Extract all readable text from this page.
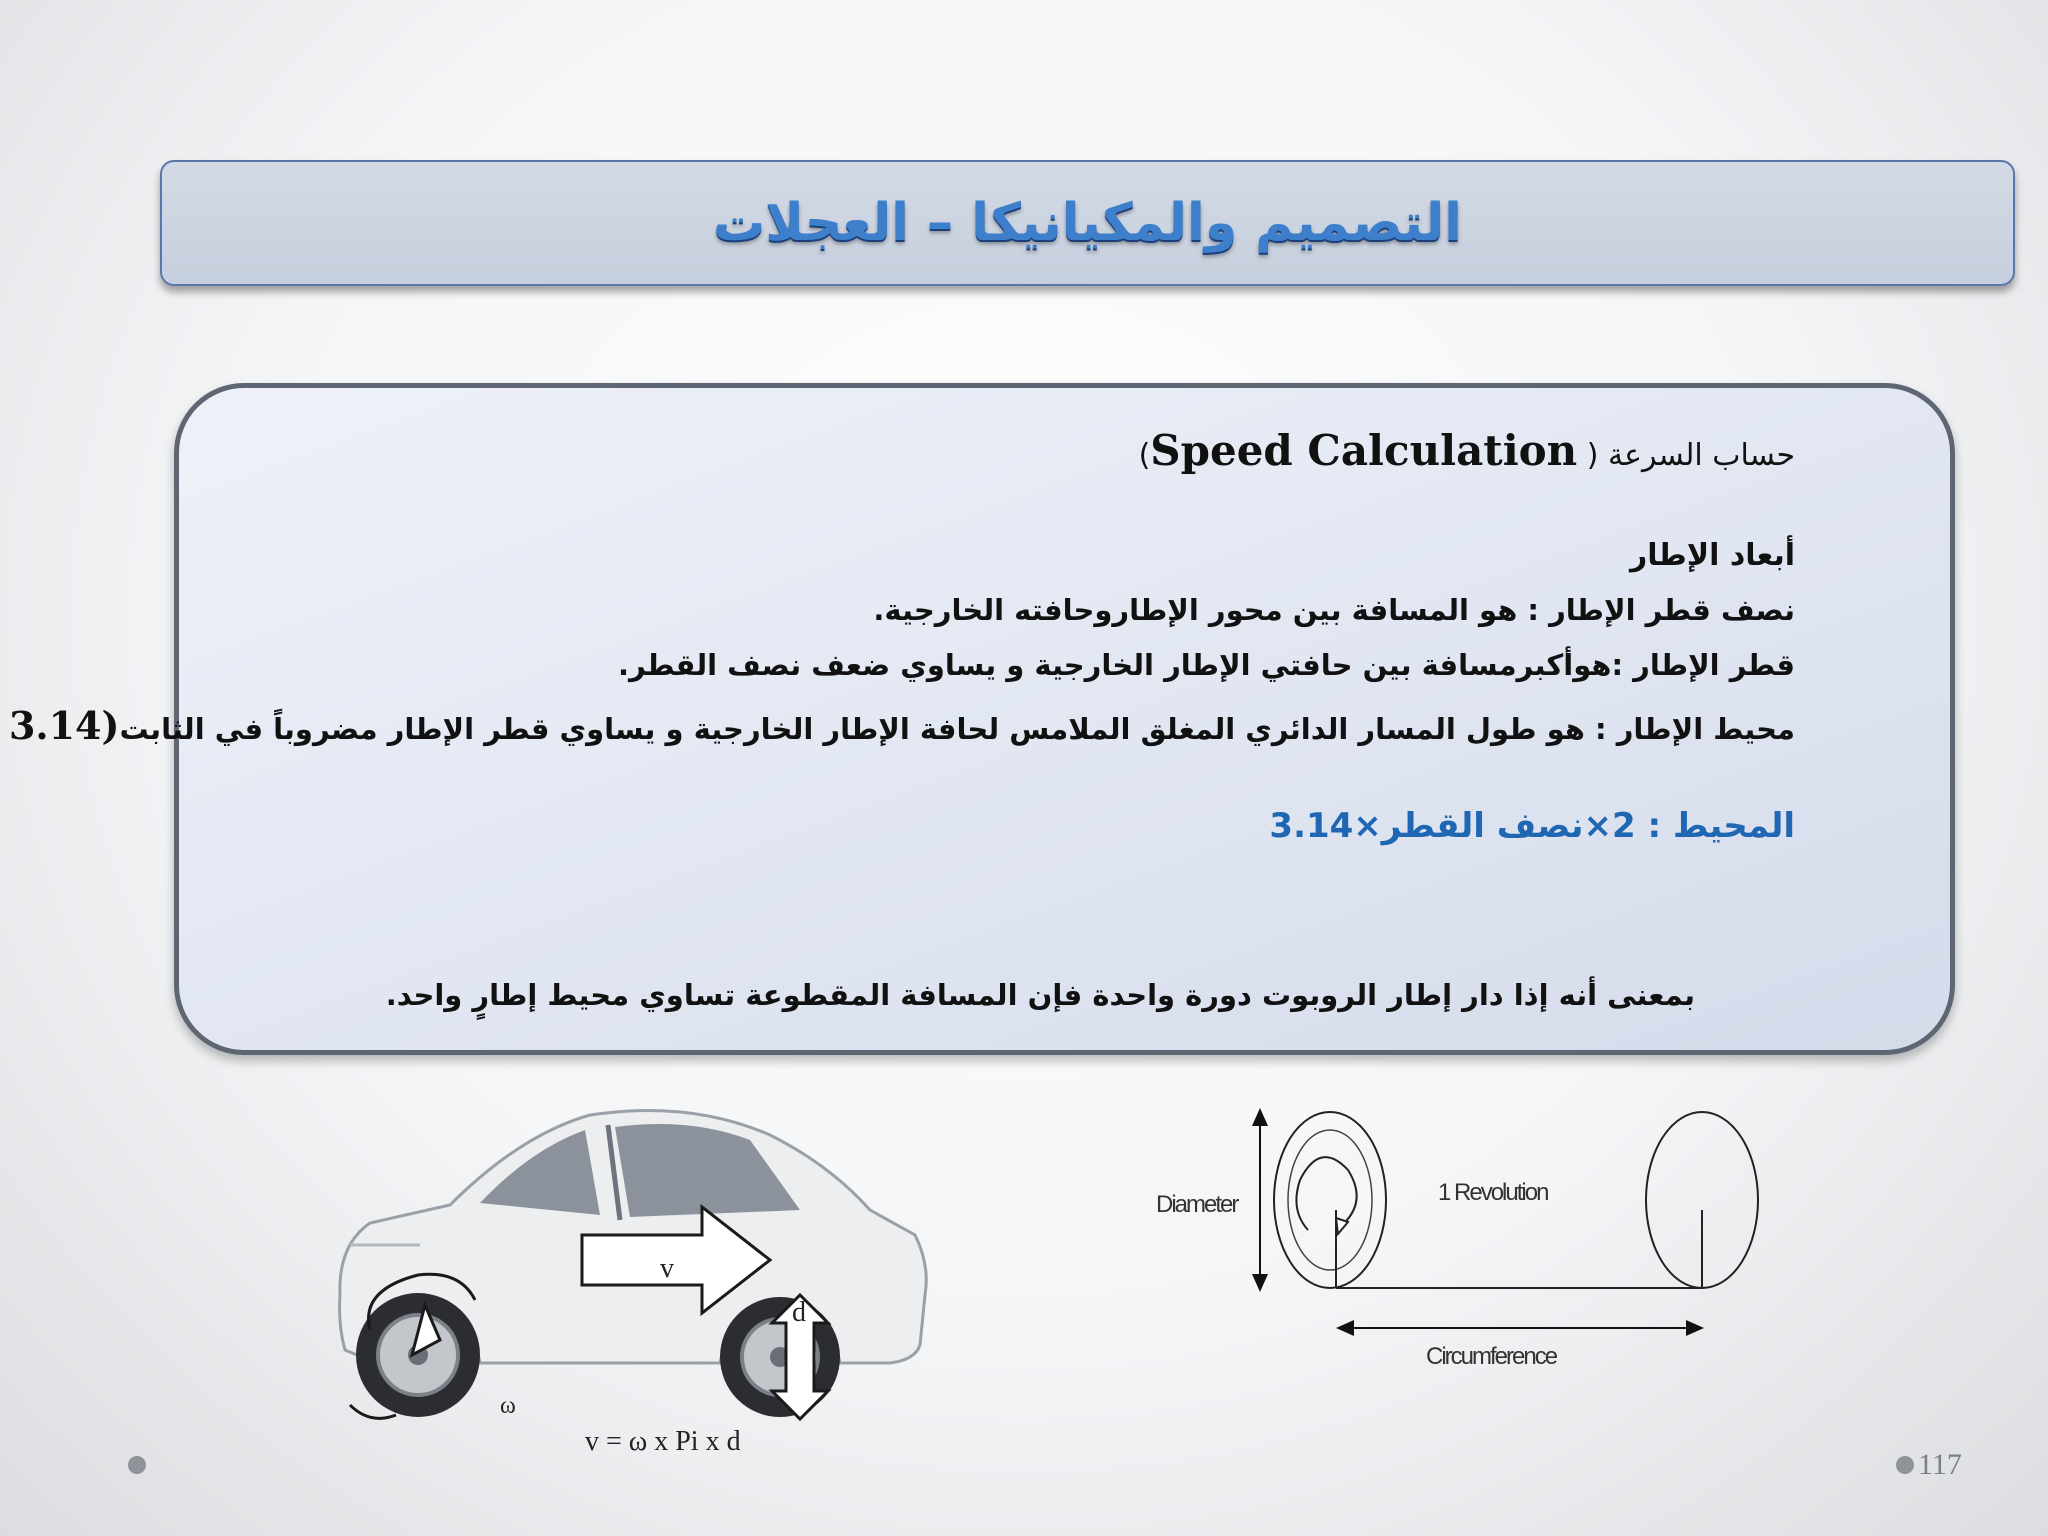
التصميم والمكيانيكا – العجلات
حساب السرعة ( Speed Calculation)
أبعاد الإطار
نصف قطر الإطار : هو المسافة بين محور الإطاروحافته الخارجية.
قطر الإطار :هوأكبرمسافة بين حافتي الإطار الخارجية و يساوي ضعف نصف القطر.
محيط الإطار : هو طول المسار الدائري المغلق الملامس لحافة الإطار الخارجية و يساوي قطر الإطار مضروباً في الثابت(3.14
المحيط : 2×نصف القطر×3.14
بمعنى أنه إذا دار إطار الروبوت دورة واحدة فإن المسافة المقطوعة تساوي محيط إطارٍ واحد.
v
d
ω
v = ω x Pi x d
Diameter	1 Revolution
Circumference
117
